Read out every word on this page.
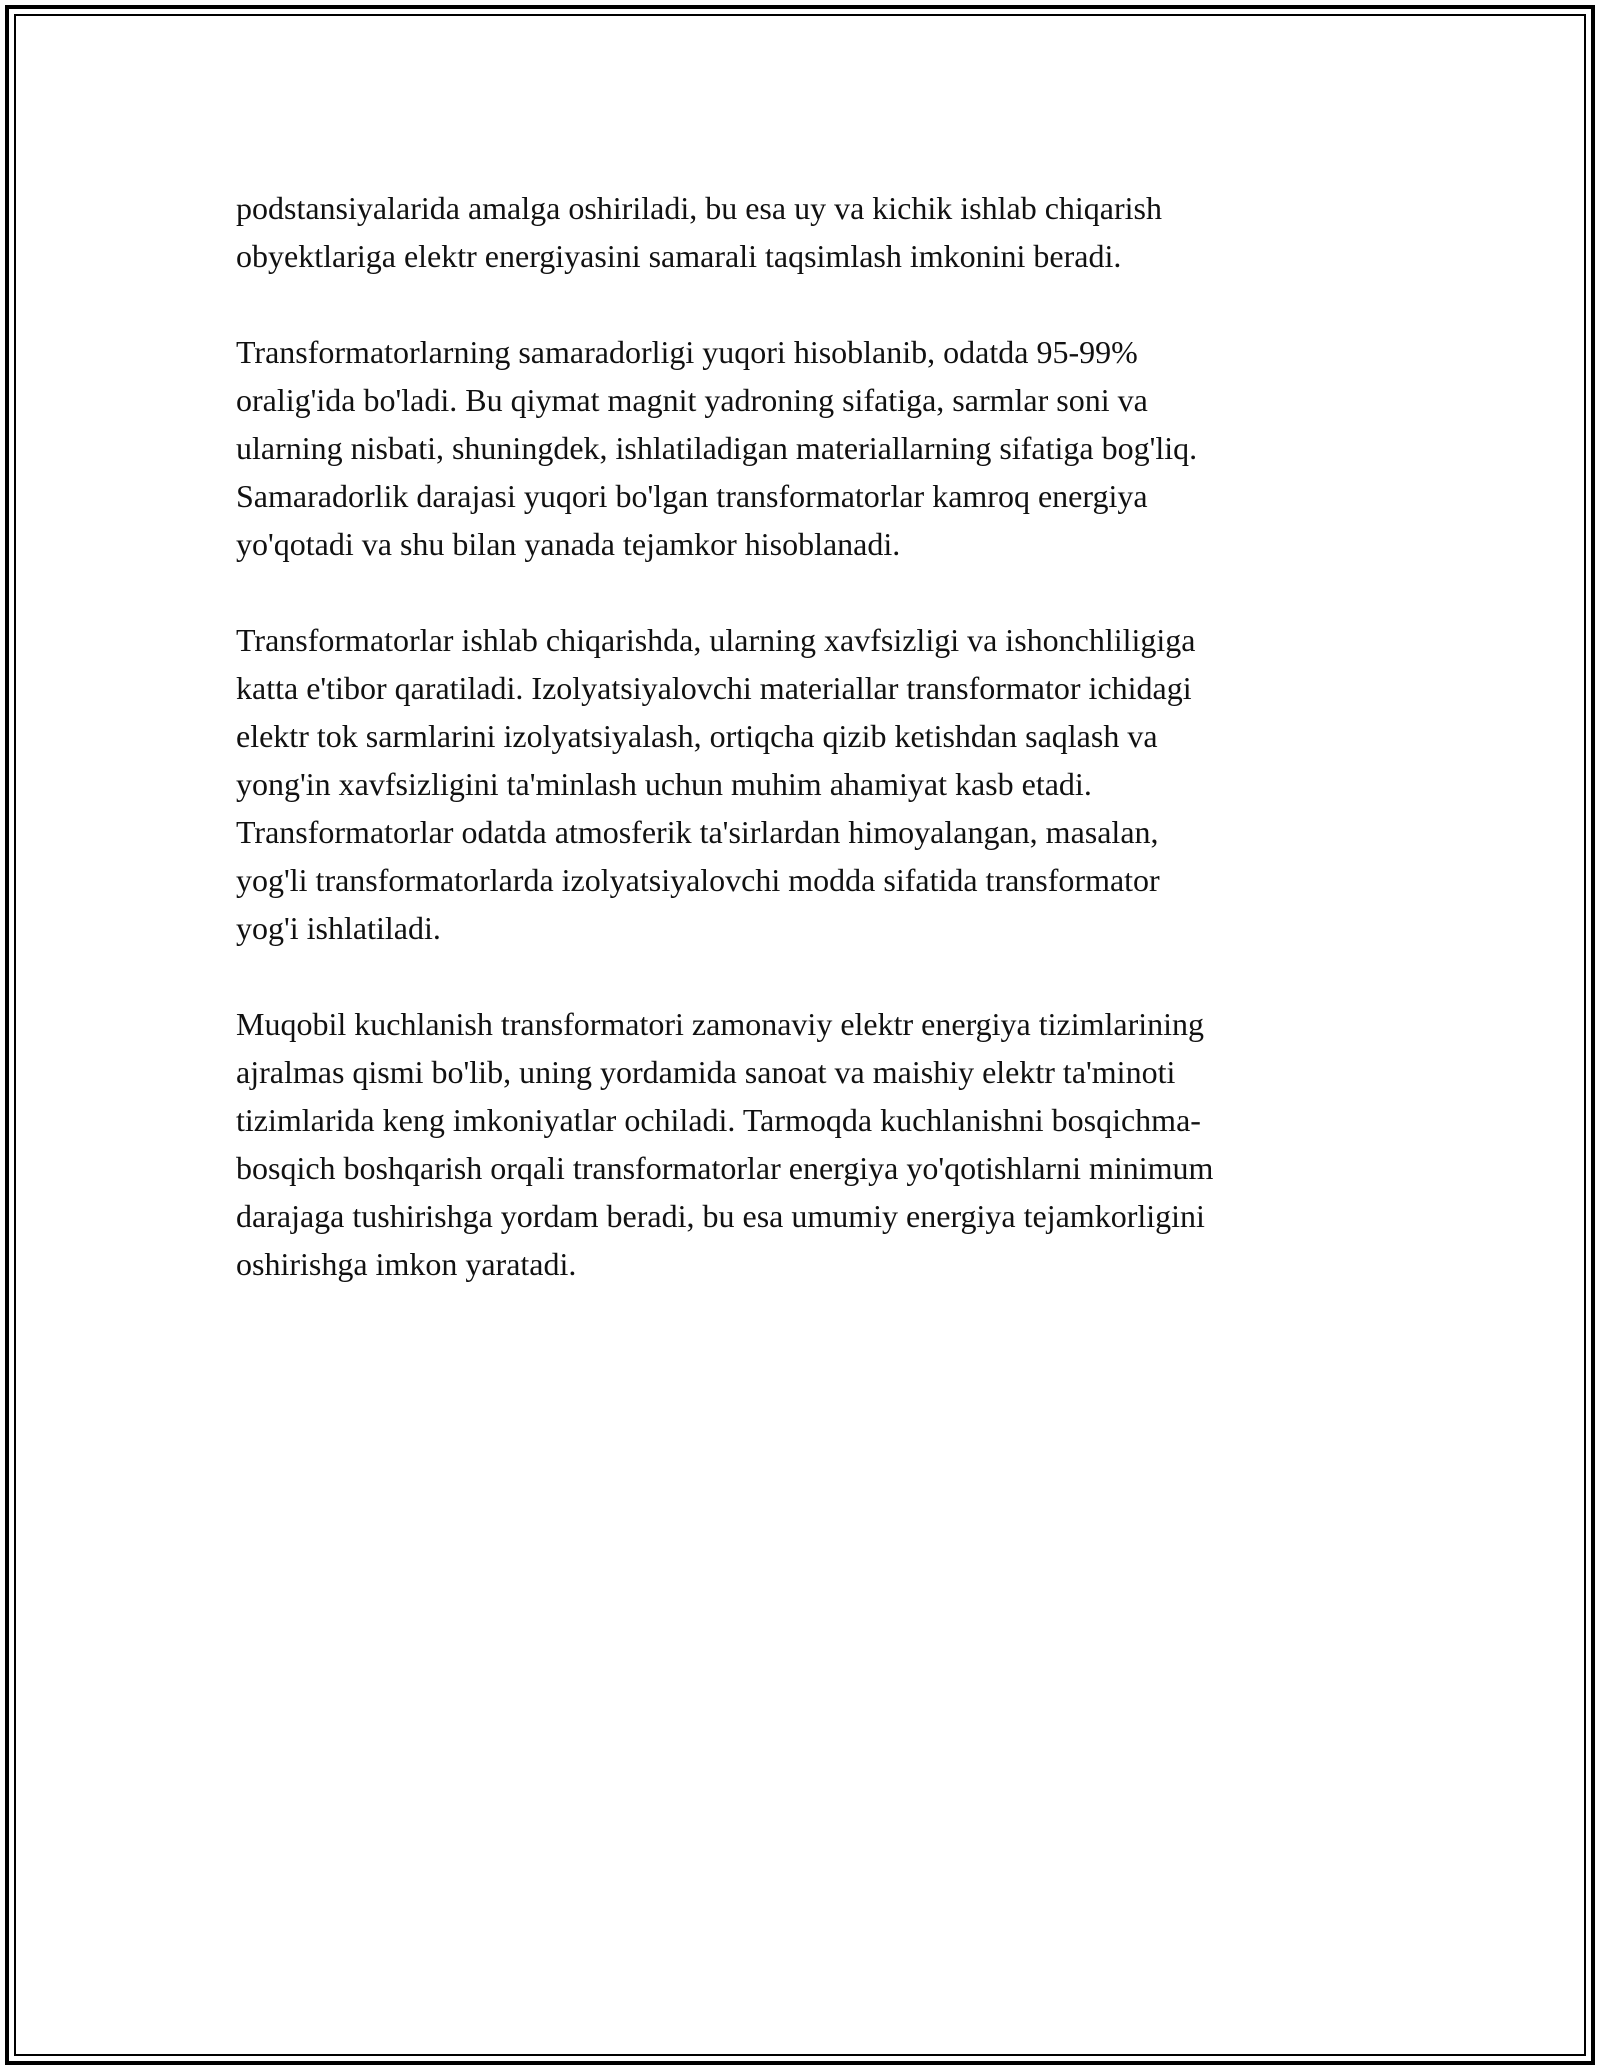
podstansiyalarida amalga oshiriladi, bu esa uy va kichik ishlab chiqarish
obyektlariga elektr energiyasini samarali taqsimlash imkonini beradi.
Transformatorlarning samaradorligi yuqori hisoblanib, odatda 95-99%
oralig'ida bo'ladi. Bu qiymat magnit yadroning sifatiga, sarmlar soni va
ularning nisbati, shuningdek, ishlatiladigan materiallarning sifatiga bog'liq.
Samaradorlik darajasi yuqori bo'lgan transformatorlar kamroq energiya
yo'qotadi va shu bilan yanada tejamkor hisoblanadi.
Transformatorlar ishlab chiqarishda, ularning xavfsizligi va ishonchliligiga
katta e'tibor qaratiladi. Izolyatsiyalovchi materiallar transformator ichidagi
elektr tok sarmlarini izolyatsiyalash, ortiqcha qizib ketishdan saqlash va
yong'in xavfsizligini ta'minlash uchun muhim ahamiyat kasb etadi.
Transformatorlar odatda atmosferik ta'sirlardan himoyalangan, masalan,
yog'li transformatorlarda izolyatsiyalovchi modda sifatida transformator
yog'i ishlatiladi.
Muqobil kuchlanish transformatori zamonaviy elektr energiya tizimlarining
ajralmas qismi bo'lib, uning yordamida sanoat va maishiy elektr ta'minoti
tizimlarida keng imkoniyatlar ochiladi. Tarmoqda kuchlanishni bosqichma-
bosqich boshqarish orqali transformatorlar energiya yo'qotishlarni minimum
darajaga tushirishga yordam beradi, bu esa umumiy energiya tejamkorligini
oshirishga imkon yaratadi.
